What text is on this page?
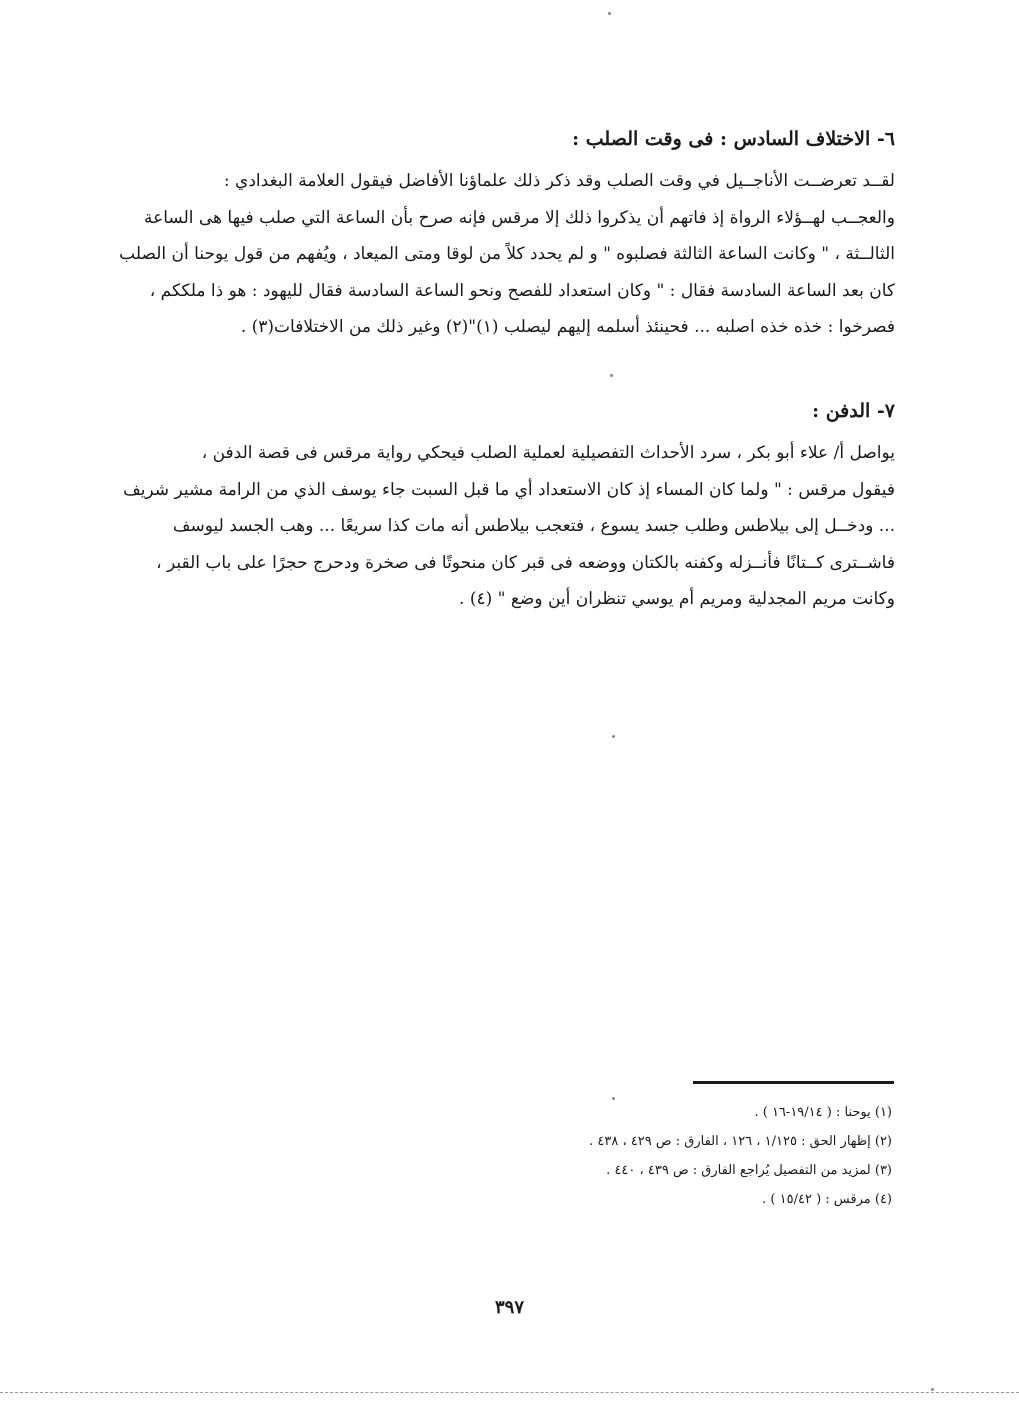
٦- الاختلاف السادس : فى وقت الصلب :

لقــد تعرضــت الأناجــيل في وقت الصلب وقد ذكر ذلك علماؤنا الأفاضل فيقول العلامة البغدادي :

والعجــب لهــؤلاء الرواة إذ فاتهم أن يذكروا ذلك إلا مرقس فإنه صرح بأن الساعة التي صلب فيها هى الساعة

الثالــثة ، " وكانت الساعة الثالثة فصلبوه " و لم يحدد كلاً من لوقا ومتى الميعاد ، ويُفهم من قول يوحنا أن الصلب

كان بعد الساعة السادسة فقال : " وكان استعداد للفصح ونحو الساعة السادسة فقال لليهود : هو ذا ملككم ،

فصرخوا : خذه خذه اصلبه ... فحينئذ أسلمه إليهم ليصلب (١)"(٢) وغير ذلك من الاختلافات(٣) .

٧- الدفن :

يواصل أ/ علاء أبو بكر ، سرد الأحداث التفصيلية لعملية الصلب فيحكي رواية مرقس فى قصة الدفن ،

فيقول مرقس : " ولما كان المساء إذ كان الاستعداد أي ما قبل السبت جاء يوسف الذي من الرامة مشير شريف

... ودخــل إلى بيلاطس وطلب جسد يسوع ، فتعجب بيلاطس أنه مات كذا سريعًا ... وهب الجسد ليوسف

فاشــترى كــتانًا فأنــزله وكفنه بالكتان ووضعه فى قبر كان منحوتًا فى صخرة ودحرج حجرًا على باب القبر ،

وكانت مريم المجدلية ومريم أم يوسي تنظران أين وضع " (٤) .

(١) يوحنا : ( ١٩/١٤-١٦ ) .
(٢) إظهار الحق : ١/١٢٥ ، ١٢٦ ، الفارق : ص ٤٢٩ ، ٤٣٨ .
(٣) لمزيد من التفصيل يُراجع الفارق : ص ٤٣٩ ، ٤٤٠ .
(٤) مرقس : ( ١٥/٤٢ ) .
٣٩٧
